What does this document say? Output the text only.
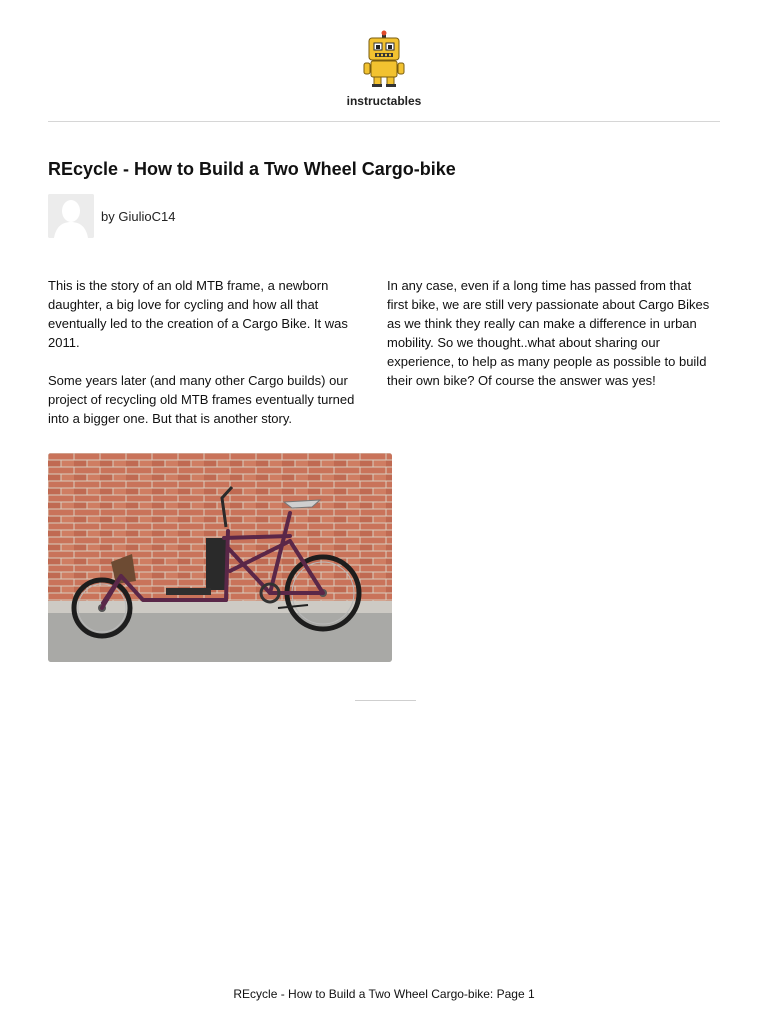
instructables
REcycle - How to Build a Two Wheel Cargo-bike
by GiulioC14

This is the story of an old MTB frame, a newborn daughter, a big love for cycling and how all that eventually led to the creation of a Cargo Bike. It was 2011.

Some years later (and many other Cargo builds) our project of recycling old MTB frames eventually turned into a bigger one. But that is another story.

In any case, even if a long time has passed from that first bike, we are still very passionate about Cargo Bikes as we think they really can make a difference in urban mobility. So we thought..what about sharing our experience, to help as many people as possible to build their own bike? Of course the answer was yes!

REcycle - How to Build a Two Wheel Cargo-bike: Page 1
